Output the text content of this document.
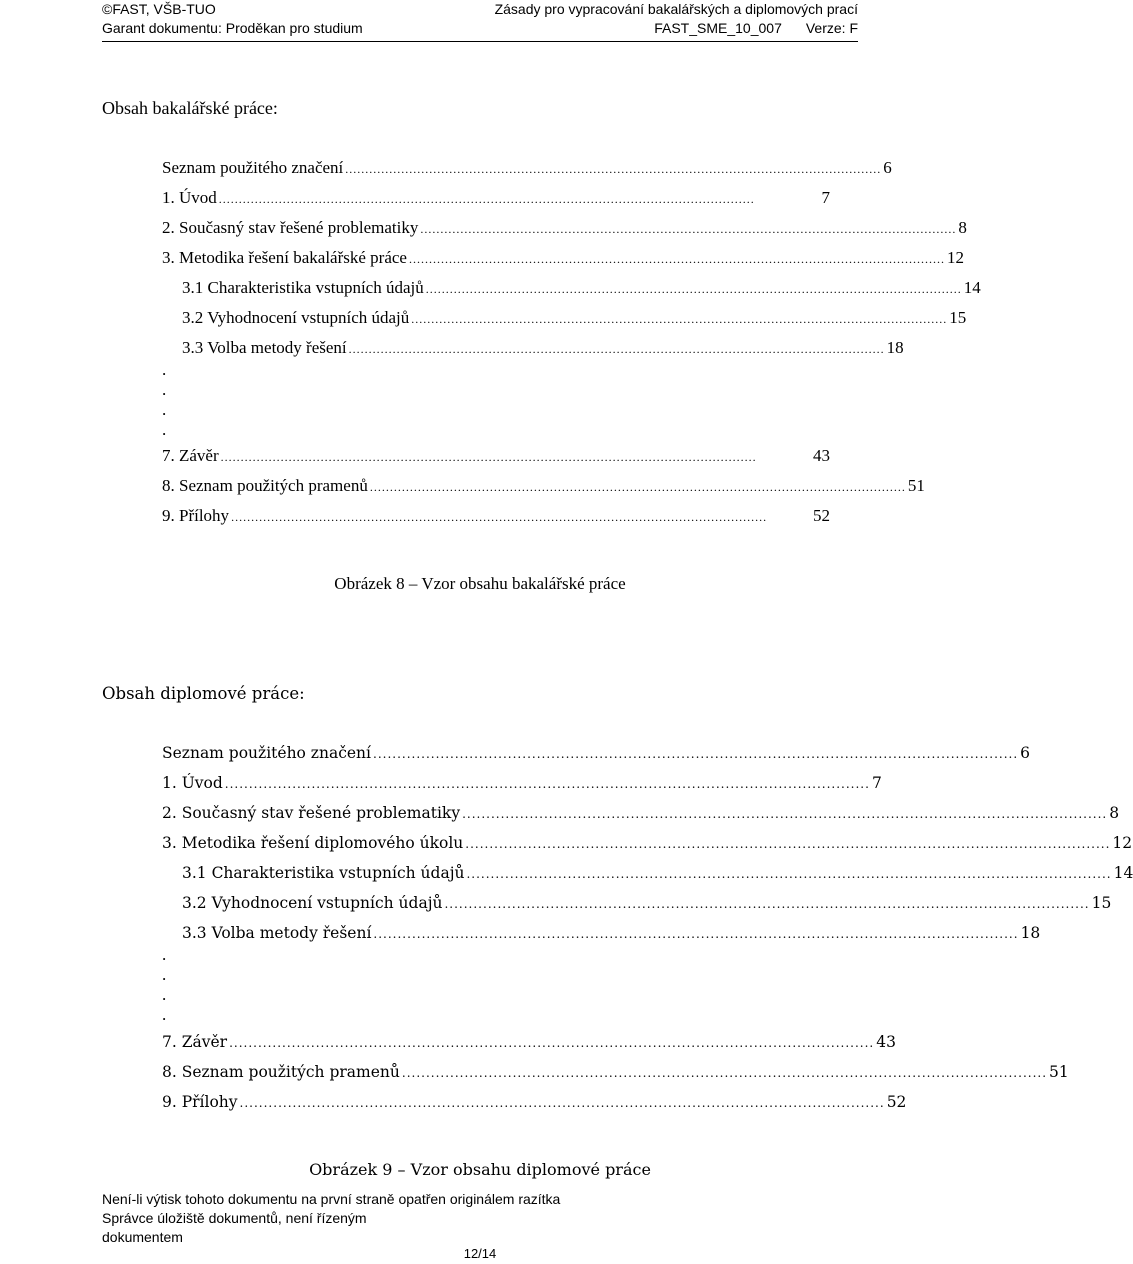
©FAST, VŠB-TUO	Zásady pro vypracování bakalářských a diplomových prací
Garant dokumentu: Proděkan pro studium	FAST_SME_10_007 Verze: F
Obsah bakalářské práce:
Seznam použitého značení ...................................................................................................................................... 6
1. Úvod ......................................................................................................................................	7
2. Současný stav řešené problematiky ...................................................................................................................................... 8
3. Metodika řešení bakalářské práce ...................................................................................................................................... 12
3.1 Charakteristika vstupních údajů ...................................................................................................................................... 14
3.2 Vyhodnocení vstupních údajů ...................................................................................................................................... 15
3.3 Volba metody řešení ...................................................................................................................................... 18
.
.
.
.
7. Závěr ......................................................................................................................................	43
8. Seznam použitých pramenů ...................................................................................................................................... 51
9. Přílohy ......................................................................................................................................	52
Obrázek 8 – Vzor obsahu bakalářské práce
Obsah diplomové práce:
Seznam použitého značení ...................................................................................................................................... 6
1. Úvod ...................................................................................................................................... 7
2. Současný stav řešené problematiky ...................................................................................................................................... 8
3. Metodika řešení diplomového úkolu ...................................................................................................................................... 12
3.1 Charakteristika vstupních údajů ...................................................................................................................................... 14
3.2 Vyhodnocení vstupních údajů ...................................................................................................................................... 15
3.3 Volba metody řešení ...................................................................................................................................... 18
.
.
.
.
7. Závěr ...................................................................................................................................... 43
8. Seznam použitých pramenů ...................................................................................................................................... 51
9. Přílohy ...................................................................................................................................... 52
Obrázek 9 – Vzor obsahu diplomové práce
Není-li výtisk tohoto dokumentu na první straně opatřen originálem razítka
Správce úložiště dokumentů, není řízeným
dokumentem
12/14
